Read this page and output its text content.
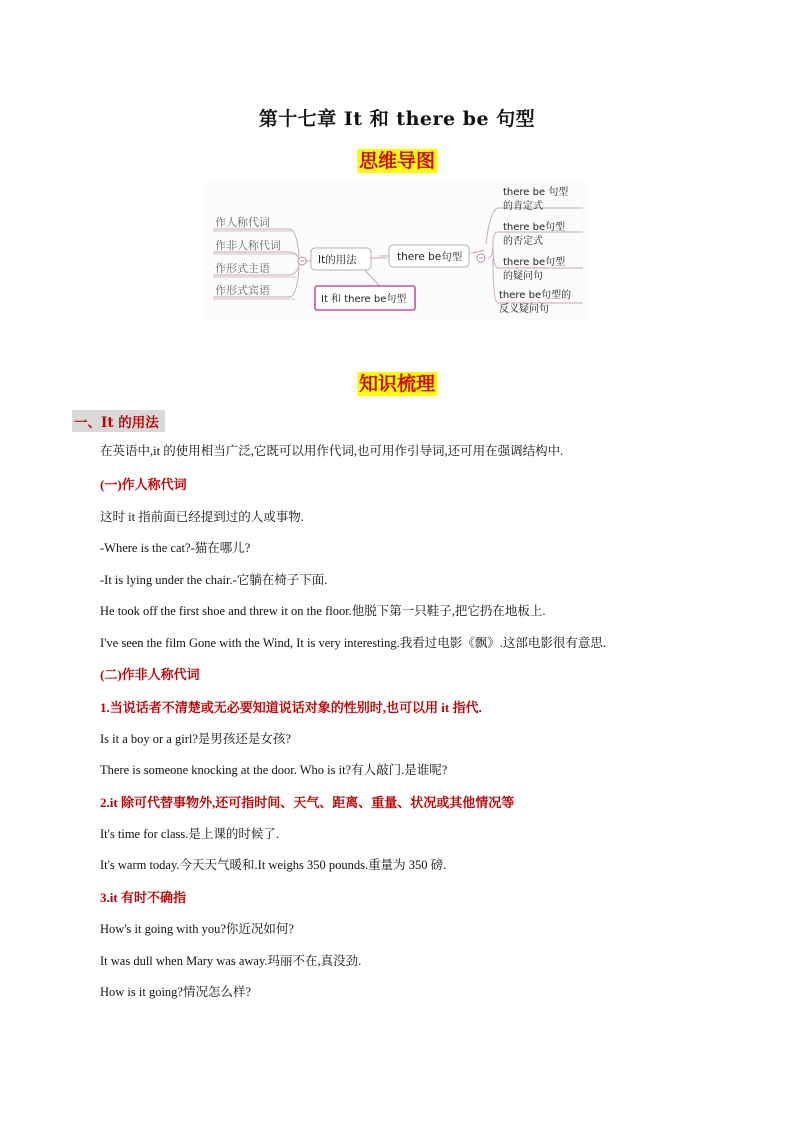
第十七章 It 和 there be 句型
思维导图
作人称代词
作非人称代词
作形式主语
作形式宾语
It的用法	there be句型
It 和 there be句型
there be 句型
的肯定式
there be句型
的否定式
there be句型
的疑问句
there be句型的
反义疑问句
知识梳理
一、It 的用法
在英语中,it 的使用相当广泛,它既可以用作代词,也可用作引导词,还可用在强调结构中.
(一)作人称代词
这时 it 指前面已经提到过的人或事物.
-Where is the cat?-猫在哪儿?
-It is lying under the chair.-它躺在椅子下面.
He took off the first shoe and threw it on the floor.他脱下第一只鞋子,把它扔在地板上.
I've seen the film Gone with the Wind, It is very interesting.我看过电影《飘》.这部电影很有意思.
(二)作非人称代词
1.当说话者不清楚或无必要知道说话对象的性别时,也可以用 it 指代.
Is it a boy or a girl?是男孩还是女孩?
There is someone knocking at the door. Who is it?有人敲门.是谁呢?
2.it 除可代替事物外,还可指时间、天气、距离、重量、状况或其他情况等
It's time for class.是上课的时候了.
It's warm today.今天天气暖和.It weighs 350 pounds.重量为 350 磅.
3.it 有时不确指
How's it going with you?你近况如何?
It was dull when Mary was away.玛丽不在,真没劲.
How is it going?情况怎么样?
